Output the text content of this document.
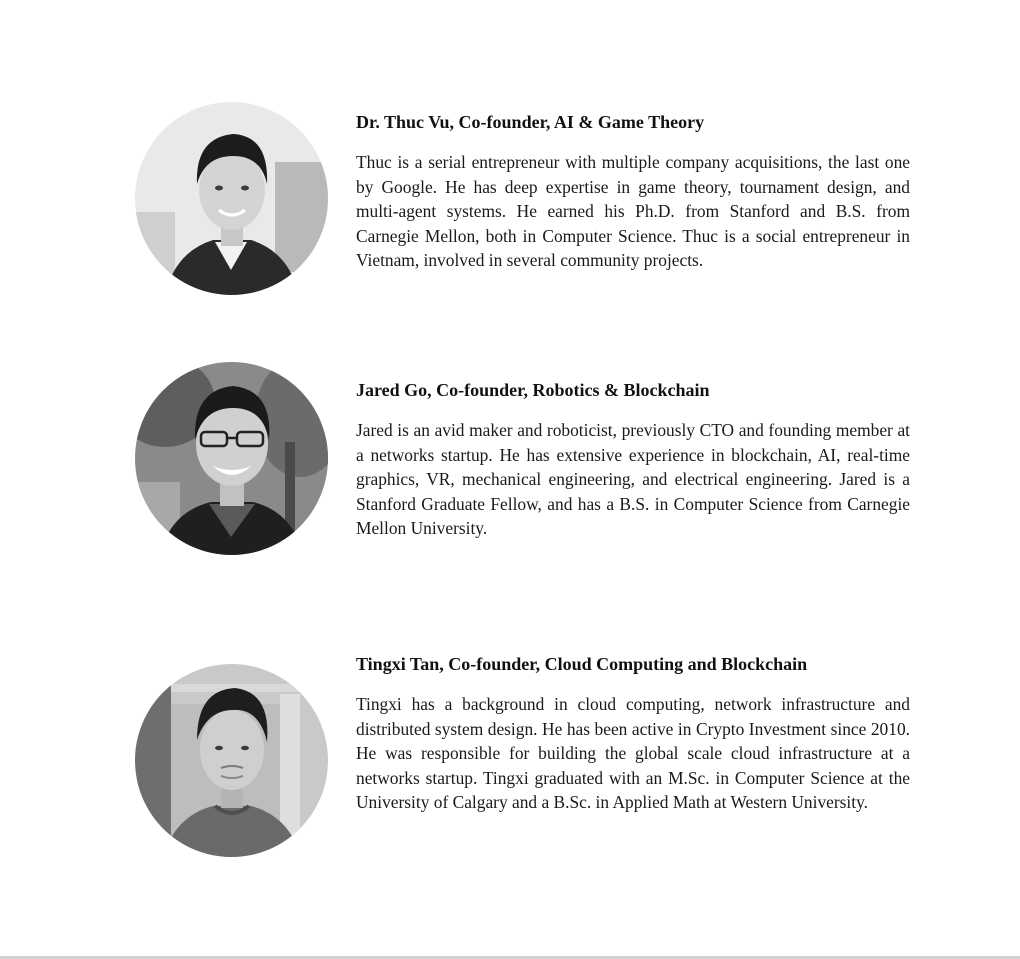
Dr. Thuc Vu, Co-founder, AI & Game Theory

Thuc is a serial entrepreneur with multiple company acquisitions, the last one by Google. He has deep expertise in game theory, tournament design, and multi-agent systems. He earned his Ph.D. from Stanford and B.S. from Carnegie Mellon, both in Computer Science. Thuc is a social entrepreneur in Vietnam, involved in several community projects.

Jared Go, Co-founder, Robotics & Blockchain

Jared is an avid maker and roboticist, previously CTO and founding member at a networks startup. He has extensive experience in blockchain, AI, real-time graphics, VR, mechanical engineering, and electrical engineering. Jared is a Stanford Graduate Fellow, and has a B.S. in Computer Science from Carnegie Mellon University.

Tingxi Tan, Co-founder, Cloud Computing and Blockchain

Tingxi has a background in cloud computing, network infrastructure and distributed system design. He has been active in Crypto Investment since 2010. He was responsible for building the global scale cloud infrastructure at a networks startup. Tingxi graduated with an M.Sc. in Computer Science at the University of Calgary and a B.Sc. in Applied Math at Western University.
